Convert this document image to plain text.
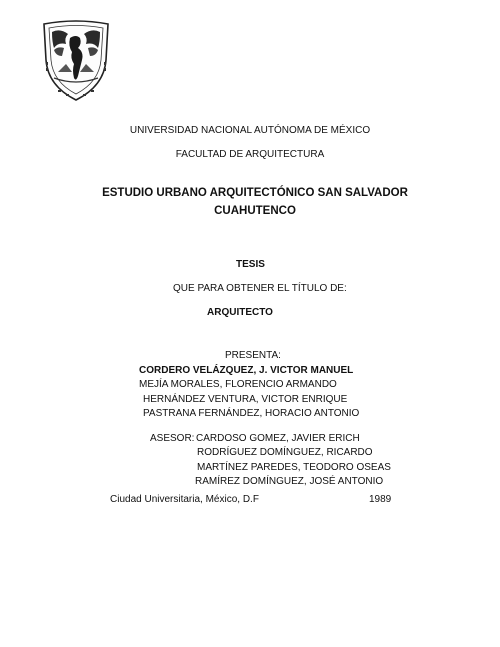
UNIVERSIDAD NACIONAL AUTÓNOMA DE MÉXICO
FACULTAD DE ARQUITECTURA
ESTUDIO URBANO ARQUITECTÓNICO SAN SALVADOR
CUAHUTENCO
TESIS
QUE PARA OBTENER EL TÍTULO DE:
ARQUITECTO
PRESENTA:
CORDERO VELÁZQUEZ, J. VICTOR MANUEL
MEJÍA MORALES, FLORENCIO ARMANDO
HERNÁNDEZ VENTURA, VICTOR ENRIQUE
PASTRANA FERNÁNDEZ, HORACIO ANTONIO
ASESOR: CARDOSO GOMEZ, JAVIER ERICH
RODRÍGUEZ DOMÍNGUEZ, RICARDO
MARTÍNEZ PAREDES, TEODORO OSEAS
RAMÍREZ DOMÍNGUEZ, JOSÉ ANTONIO
Ciudad Universitaria, México, D.F	1989
